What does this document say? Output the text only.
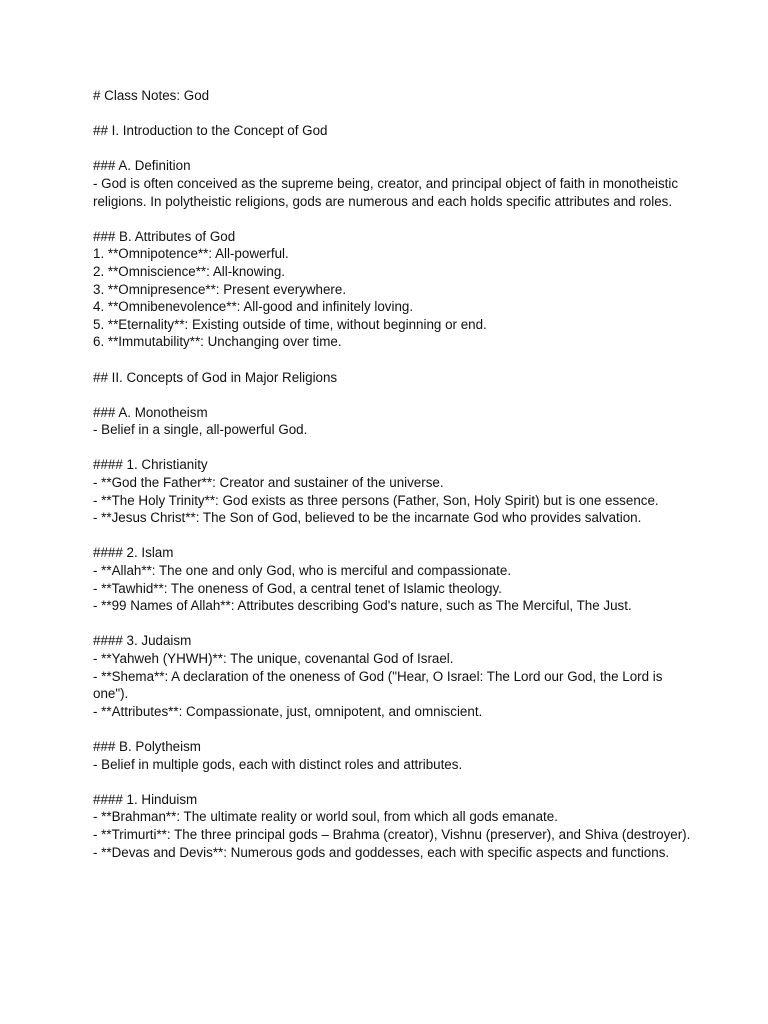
# Class Notes: God

## I. Introduction to the Concept of God

### A. Definition

- God is often conceived as the supreme being, creator, and principal object of faith in monotheistic religions. In polytheistic religions, gods are numerous and each holds specific attributes and roles.

### B. Attributes of God

1. **Omnipotence**: All-powerful.

2. **Omniscience**: All-knowing.

3. **Omnipresence**: Present everywhere.

4. **Omnibenevolence**: All-good and infinitely loving.

5. **Eternality**: Existing outside of time, without beginning or end.

6. **Immutability**: Unchanging over time.

## II. Concepts of God in Major Religions

### A. Monotheism

- Belief in a single, all-powerful God.

#### 1. Christianity

- **God the Father**: Creator and sustainer of the universe.

- **The Holy Trinity**: God exists as three persons (Father, Son, Holy Spirit) but is one essence.

- **Jesus Christ**: The Son of God, believed to be the incarnate God who provides salvation.

#### 2. Islam

- **Allah**: The one and only God, who is merciful and compassionate.

- **Tawhid**: The oneness of God, a central tenet of Islamic theology.

- **99 Names of Allah**: Attributes describing God's nature, such as The Merciful, The Just.

#### 3. Judaism

- **Yahweh (YHWH)**: The unique, covenantal God of Israel.

- **Shema**: A declaration of the oneness of God ("Hear, O Israel: The Lord our God, the Lord is one").

- **Attributes**: Compassionate, just, omnipotent, and omniscient.

### B. Polytheism

- Belief in multiple gods, each with distinct roles and attributes.

#### 1. Hinduism

- **Brahman**: The ultimate reality or world soul, from which all gods emanate.

- **Trimurti**: The three principal gods – Brahma (creator), Vishnu (preserver), and Shiva (destroyer).

- **Devas and Devis**: Numerous gods and goddesses, each with specific aspects and functions.
